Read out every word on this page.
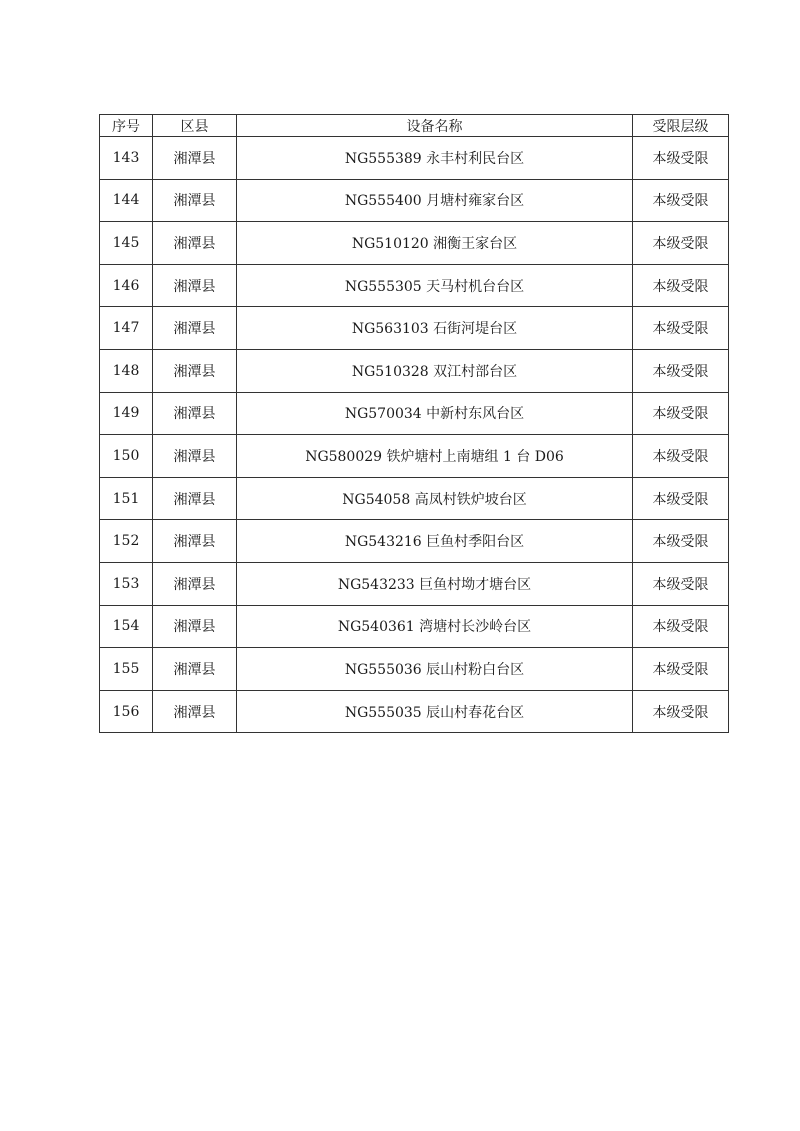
序号	区县	设备名称	受限层级
143	湘潭县	NG555389 永丰村利民台区	本级受限
144	湘潭县	NG555400 月塘村雍家台区	本级受限
145	湘潭县	NG510120 湘衡王家台区	本级受限
146	湘潭县	NG555305 天马村机台台区	本级受限
147	湘潭县	NG563103 石街河堤台区	本级受限
148	湘潭县	NG510328 双江村部台区	本级受限
149	湘潭县	NG570034 中新村东风台区	本级受限
150	湘潭县	NG580029 铁炉塘村上南塘组 1 台 D06	本级受限
151	湘潭县	NG54058 高凤村铁炉坡台区	本级受限
152	湘潭县	NG543216 巨鱼村季阳台区	本级受限
153	湘潭县	NG543233 巨鱼村坳才塘台区	本级受限
154	湘潭县	NG540361 湾塘村长沙岭台区	本级受限
155	湘潭县	NG555036 辰山村粉白台区	本级受限
156	湘潭县	NG555035 辰山村春花台区	本级受限
